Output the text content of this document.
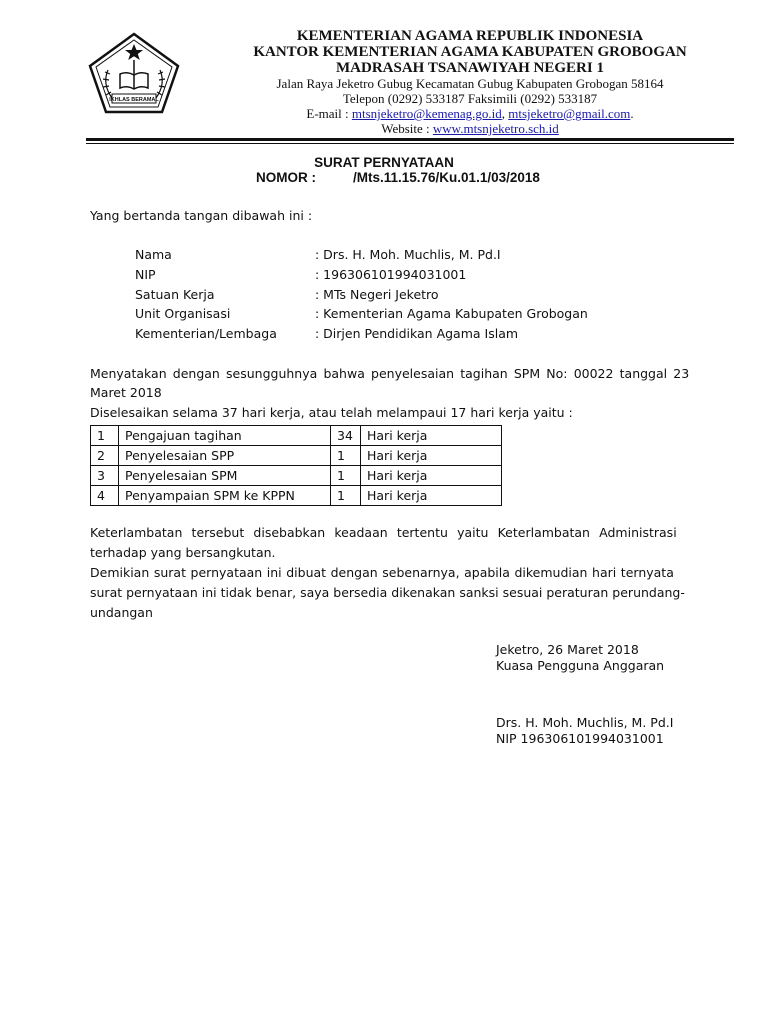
IKHLAS BERAMAL
KEMENTERIAN AGAMA REPUBLIK INDONESIA
KANTOR KEMENTERIAN AGAMA KABUPATEN GROBOGAN
MADRASAH TSANAWIYAH NEGERI 1
Jalan Raya Jeketro Gubug Kecamatan Gubug Kabupaten Grobogan 58164
Telepon (0292) 533187 Faksimili (0292) 533187
E-mail : mtsnjeketro@kemenag.go.id, mtsjeketro@gmail.com.
Website : www.mtsnjeketro.sch.id
SURAT PERNYATAAN
NOMOR :	/Mts.11.15.76/Ku.01.1/03/2018
Yang bertanda tangan dibawah ini :
Nama	: Drs. H. Moh. Muchlis, M. Pd.I
NIP	: 196306101994031001
Satuan Kerja	: MTs Negeri Jeketro
Unit Organisasi	: Kementerian Agama Kabupaten Grobogan
Kementerian/Lembaga	: Dirjen Pendidikan Agama Islam
Menyatakan dengan sesungguhnya bahwa penyelesaian tagihan SPM No: 00022 tanggal 23
Maret 2018
Diselesaikan selama 37 hari kerja, atau telah melampaui 17 hari kerja yaitu :
1	Pengajuan tagihan	34	Hari kerja
2	Penyelesaian SPP	1	Hari kerja
3	Penyelesaian SPM	1	Hari kerja
4	Penyampaian SPM ke KPPN	1	Hari kerja
Keterlambatan tersebut disebabkan keadaan tertentu yaitu Keterlambatan Administrasi
terhadap yang bersangkutan.
Demikian surat pernyataan ini dibuat dengan sebenarnya, apabila dikemudian hari ternyata
surat pernyataan ini tidak benar, saya bersedia dikenakan sanksi sesuai peraturan perundang-
undangan
Jeketro, 26 Maret 2018
Kuasa Pengguna Anggaran
Drs. H. Moh. Muchlis, M. Pd.I
NIP 196306101994031001
